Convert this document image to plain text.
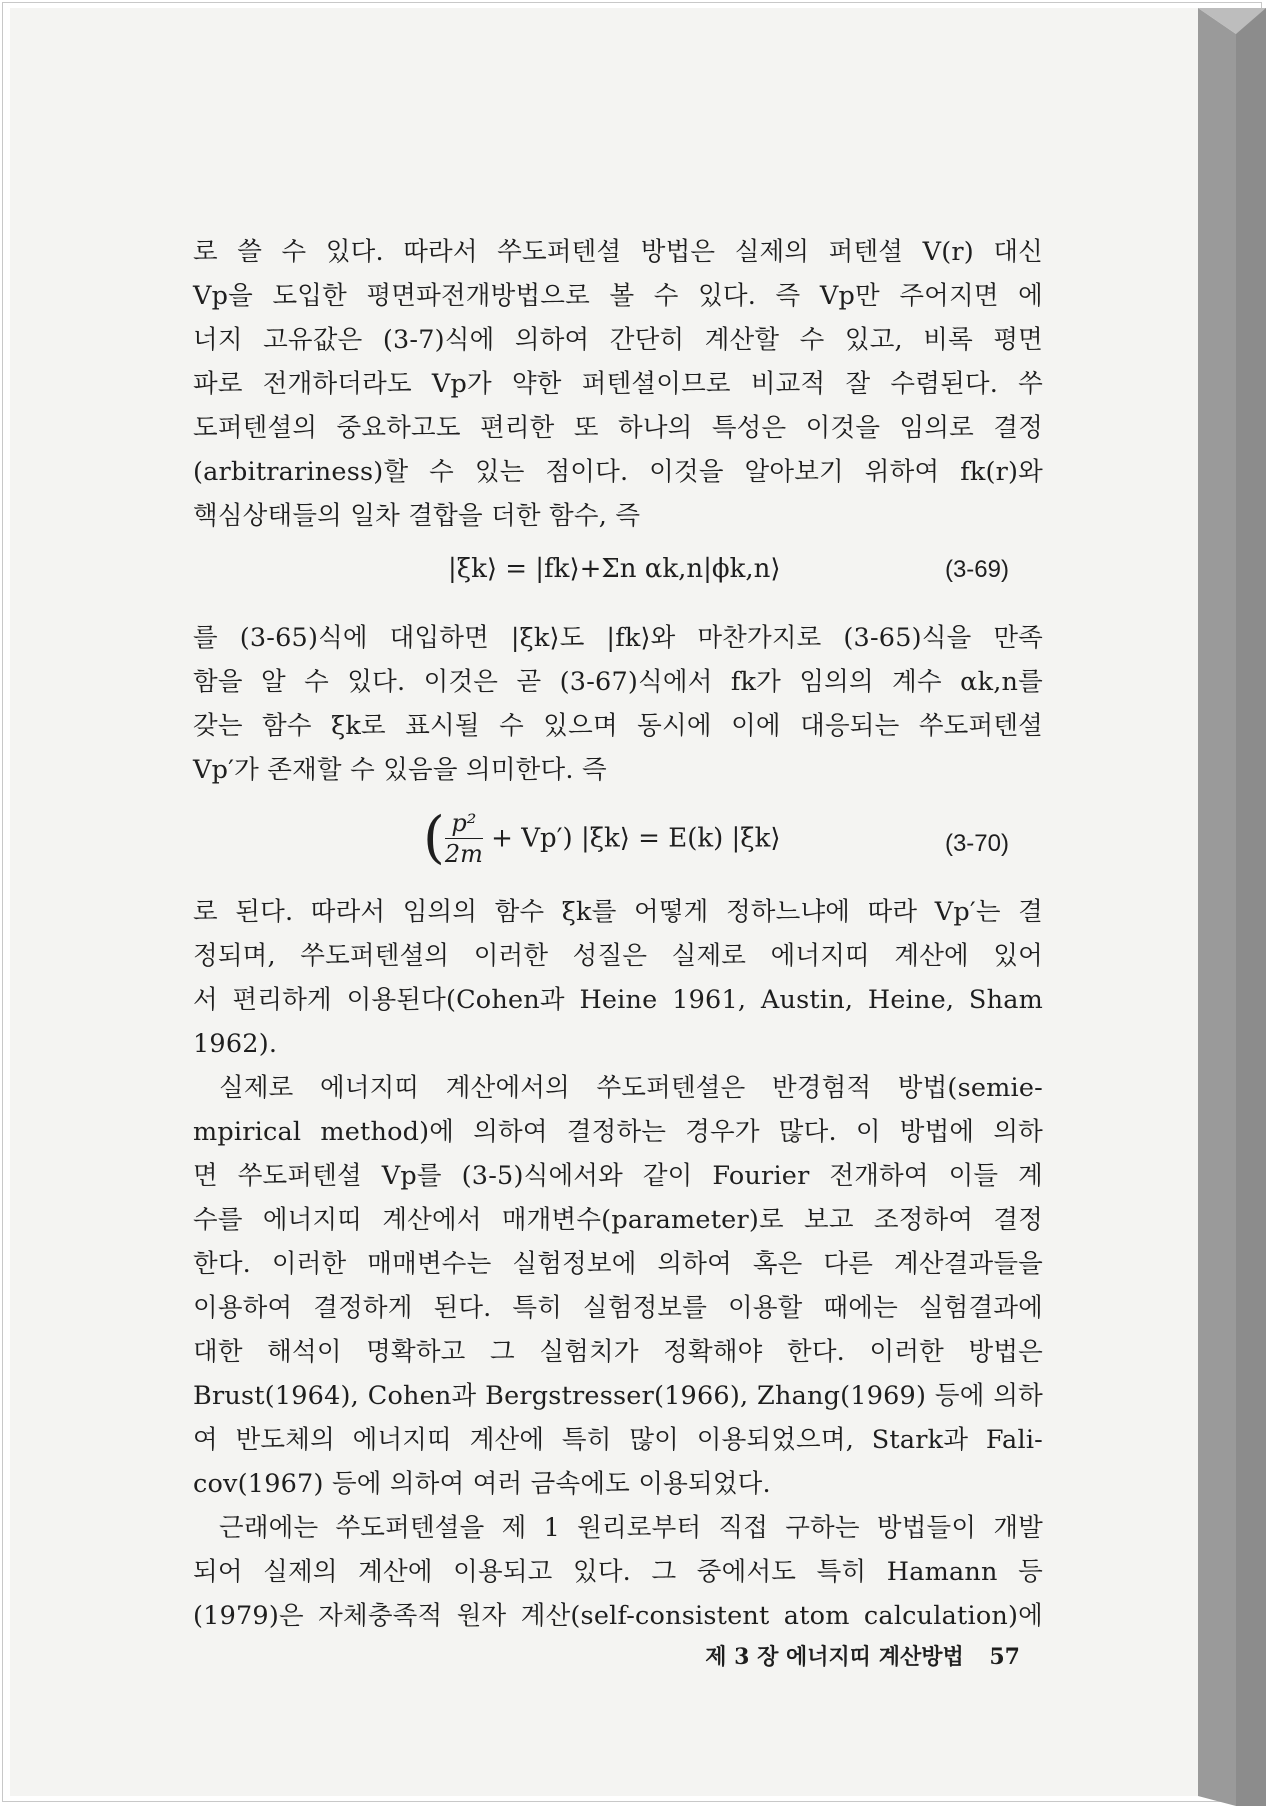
로 쓸 수 있다. 따라서 쑤도퍼텐셜 방법은 실제의 퍼텐셜 V(r) 대신
Vp을 도입한 평면파전개방법으로 볼 수 있다. 즉 Vp만 주어지면 에
너지 고유값은 (3-7)식에 의하여 간단히 계산할 수 있고, 비록 평면
파로 전개하더라도 Vp가 약한 퍼텐셜이므로 비교적 잘 수렴된다. 쑤
도퍼텐셜의 중요하고도 편리한 또 하나의 특성은 이것을 임의로 결정
(arbitrariness)할 수 있는 점이다. 이것을 알아보기 위하여 fk(r)와
핵심상태들의 일차 결합을 더한 함수, 즉
|ξk⟩ = |fk⟩+Σn αk,n|ϕk,n⟩	(3-69)
를 (3-65)식에 대입하면 |ξk⟩도 |fk⟩와 마찬가지로 (3-65)식을 만족
함을 알 수 있다. 이것은 곧 (3-67)식에서 fk가 임의의 계수 αk,n를
갖는 함수 ξk로 표시될 수 있으며 동시에 이에 대응되는 쑤도퍼텐셜
Vp′가 존재할 수 있음을 의미한다. 즉
( $\frac{\text{p²}}{2m} + Vp'$) |ξk⟩ = E(k) |ξk⟩	(3-70)
로 된다. 따라서 임의의 함수 ξk를 어떻게 정하느냐에 따라 Vp′는 결
정되며, 쑤도퍼텐셜의 이러한 성질은 실제로 에너지띠 계산에 있어
서 편리하게 이용된다(Cohen과 Heine 1961, Austin, Heine, Sham
1962).
실제로 에너지띠 계산에서의 쑤도퍼텐셜은 반경험적 방법(semie-
mpirical method)에 의하여 결정하는 경우가 많다. 이 방법에 의하
면 쑤도퍼텐셜 Vp를 (3-5)식에서와 같이 Fourier 전개하여 이들 계
수를 에너지띠 계산에서 매개변수(parameter)로 보고 조정하여 결정
한다. 이러한 매매변수는 실험정보에 의하여 혹은 다른 계산결과들을
이용하여 결정하게 된다. 특히 실험정보를 이용할 때에는 실험결과에
대한 해석이 명확하고 그 실험치가 정확해야 한다. 이러한 방법은
Brust(1964), Cohen과 Bergstresser(1966), Zhang(1969) 등에 의하
여 반도체의 에너지띠 계산에 특히 많이 이용되었으며, Stark과 Fali-
cov(1967) 등에 의하여 여러 금속에도 이용되었다.
근래에는 쑤도퍼텐셜을 제 1 원리로부터 직접 구하는 방법들이 개발
되어 실제의 계산에 이용되고 있다. 그 중에서도 특히 Hamann 등
(1979)은 자체충족적 원자 계산(self-consistent atom calculation)에
제 3 장 에너지띠 계산방법 57
